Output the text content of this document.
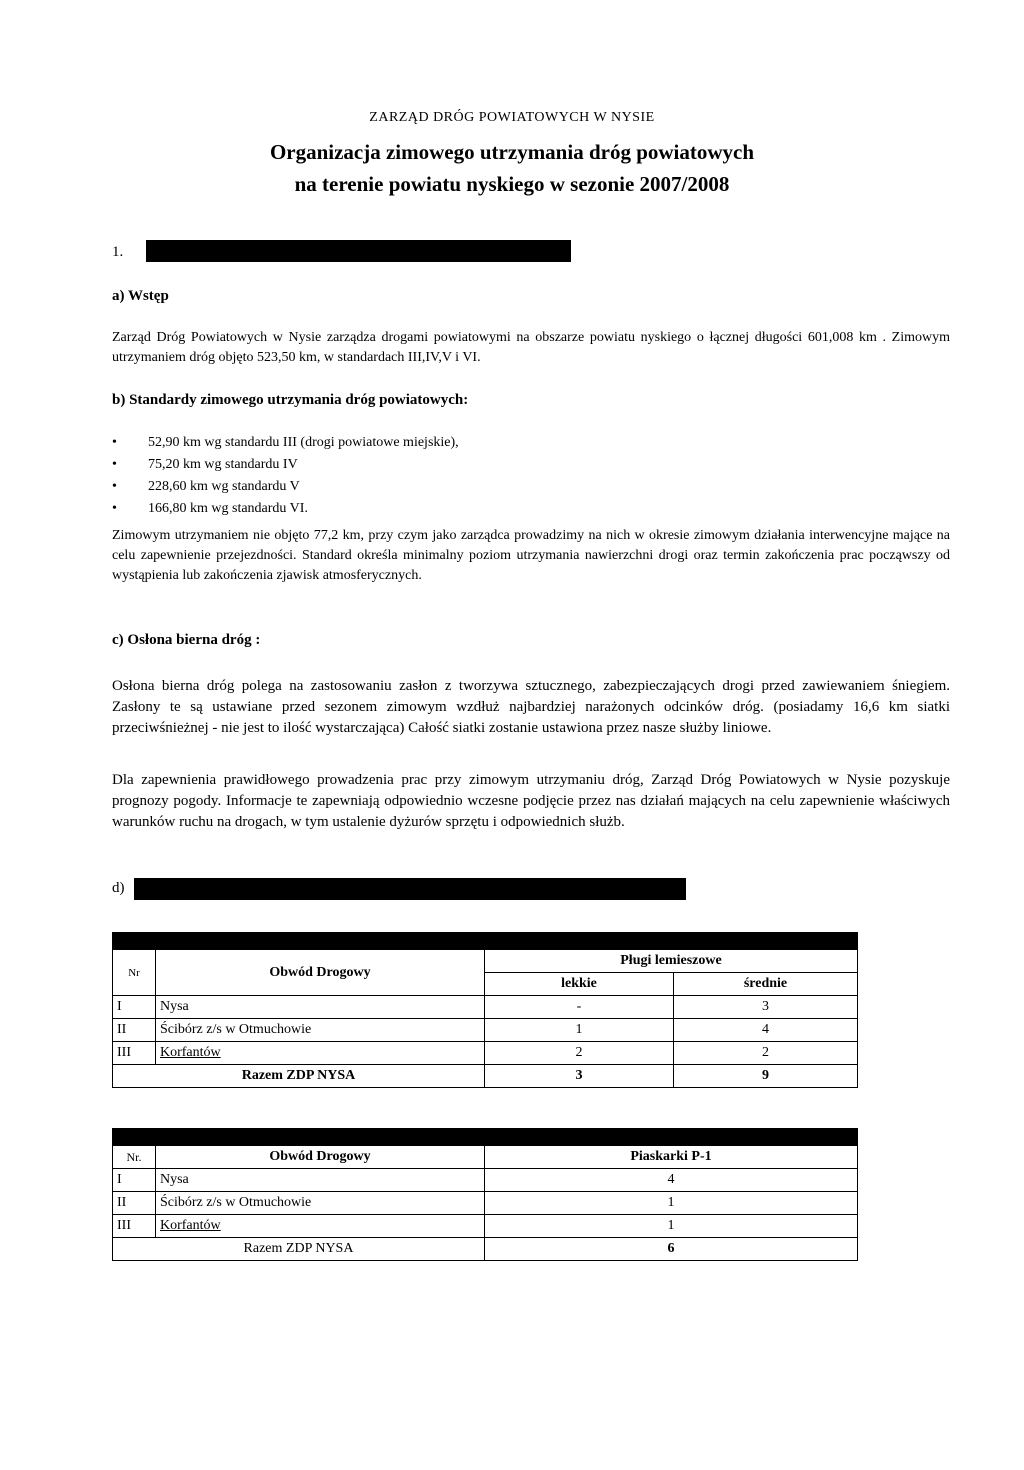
ZARZĄD DRÓG POWIATOWYCH W NYSIE
Organizacja zimowego utrzymania dróg powiatowych
na terenie powiatu nyskiego w sezonie 2007/2008
1.
a) Wstęp
Zarząd Dróg Powiatowych w Nysie zarządza drogami powiatowymi na obszarze powiatu nyskiego o łącznej długości 601,008 km . Zimowym utrzymaniem dróg objęto 523,50 km, w standardach III,IV,V i VI.
b) Standardy zimowego utrzymania dróg powiatowych:
• 52,90 km wg standardu III (drogi powiatowe miejskie),
• 75,20 km wg standardu IV
• 228,60 km wg standardu V
• 166,80 km wg standardu VI.
Zimowym utrzymaniem nie objęto 77,2 km, przy czym jako zarządca prowadzimy na nich w okresie zimowym działania interwencyjne mające na celu zapewnienie przejezdności. Standard określa minimalny poziom utrzymania nawierzchni drogi oraz termin zakończenia prac począwszy od wystąpienia lub zakończenia zjawisk atmosferycznych.
c) Osłona bierna dróg :
Osłona bierna dróg polega na zastosowaniu zasłon z tworzywa sztucznego, zabezpieczających drogi przed zawiewaniem śniegiem. Zasłony te są ustawiane przed sezonem zimowym wzdłuż najbardziej narażonych odcinków dróg. (posiadamy 16,6 km siatki przeciwśnieżnej - nie jest to ilość wystarczająca) Całość siatki zostanie ustawiona przez nasze służby liniowe.
Dla zapewnienia prawidłowego prowadzenia prac przy zimowym utrzymaniu dróg, Zarząd Dróg Powiatowych w Nysie pozyskuje prognozy pogody. Informacje te zapewniają odpowiednio wczesne podjęcie przez nas działań mających na celu zapewnienie właściwych warunków ruchu na drogach, w tym ustalenie dyżurów sprzętu i odpowiednich służb.
d)

Nr	Obwód Drogowy	Pługi lemieszowe	
		lekkie	średnie
I	Nysa	-	3
II	Ścibórz z/s w Otmuchowie	1	4
III	Korfantów	2	2
Razem ZDP NYSA		3	9

Nr.	Obwód Drogowy	Piaskarki P-1
I	Nysa	4
II	Ścibórz z/s w Otmuchowie	1
III	Korfantów	1
Razem ZDP NYSA		6
